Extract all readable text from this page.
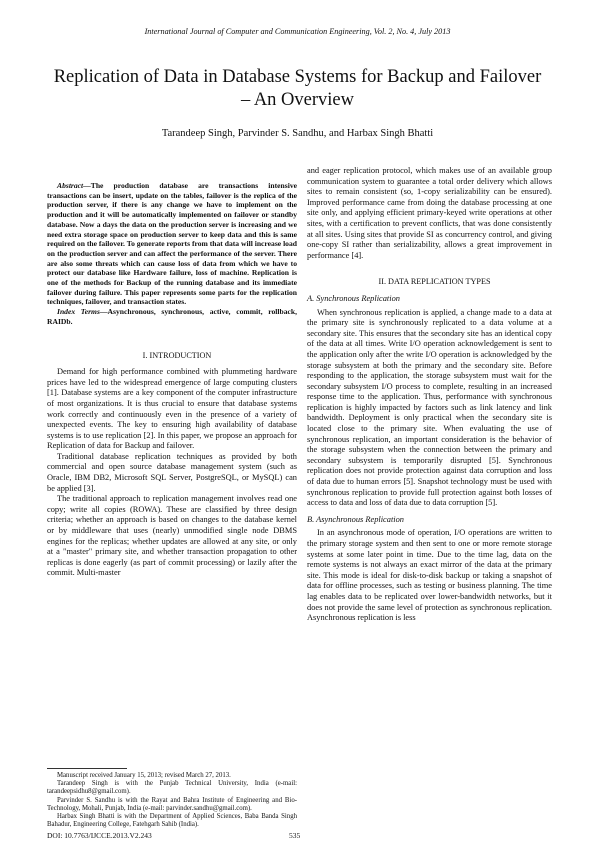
International Journal of Computer and Communication Engineering, Vol. 2, No. 4, July 2013
Replication of Data in Database Systems for Backup and Failover – An Overview
Tarandeep Singh, Parvinder S. Sandhu, and Harbax Singh Bhatti

Abstract—The production database are transactions intensive transactions can be insert, update on the tables, failover is the replica of the production server, if there is any change we have to implement on the production and it will be automatically implemented on failover or standby database. Now a days the data on the production server is increasing and we need extra storage space on production server to keep data and this is same required on the failover. To generate reports from that data will increase load on the production server and can affect the performance of the server. There are also some threats which can cause loss of data from which we have to protect our database like Hardware failure, loss of machine. Replication is one of the methods for Backup of the running database and its immediate failover during failure. This paper represents some parts for the replication techniques, failover, and transaction states.

Index Terms—Asynchronous, synchronous, active, commit, rollback, RAIDb.

I. INTRODUCTION

Demand for high performance combined with plummeting hardware prices have led to the widespread emergence of large computing clusters [1]. Database systems are a key component of the computer infrastructure of most organizations. It is thus crucial to ensure that database systems work correctly and continuously even in the presence of a variety of unexpected events. The key to ensuring high availability of database systems is to use replication [2]. In this paper, we propose an approach for Replication of data for Backup and failover.

Traditional database replication techniques as provided by both commercial and open source database management system (such as Oracle, IBM DB2, Microsoft SQL Server, PostgreSQL, or MySQL) can be applied [3].

The traditional approach to replication management involves read one copy; write all copies (ROWA). These are classified by three design criteria; whether an approach is based on changes to the database kernel or by middleware that uses (nearly) unmodified single node DBMS engines for the replicas; whether updates are allowed at any site, or only at a "master" primary site, and whether transaction propagation to other replicas is done eagerly (as part of commit processing) or lazily after the commit. Multi-master

Manuscript received January 15, 2013; revised March 27, 2013.

Tarandeep Singh is with the Punjab Technical University, India (e-mail: tarandeepsidhu8@gmail.com).

Parvinder S. Sandhu is with the Rayat and Bahra Institute of Engineering and Bio-Technology, Mohali, Punjab, India (e-mail: parvinder.sandhu@gmail.com).

Harbax Singh Bhatti is with the Department of Applied Sciences, Baba Banda Singh Bahadur, Engineering College, Fatehgarh Sahib (India).

and eager replication protocol, which makes use of an available group communication system to guarantee a total order delivery which allows sites to remain consistent (so, 1-copy serializability can be ensured). Improved performance came from doing the database processing at one site only, and applying efficient primary-keyed write operations at other sites, with a certification to prevent conflicts, that was done consistently at all sites. Using sites that provide SI as concurrency control, and giving one-copy SI rather than serializability, allows a great improvement in performance [4].

II. DATA REPLICATION TYPES

A. Synchronous Replication

When synchronous replication is applied, a change made to a data at the primary site is synchronously replicated to a data volume at a secondary site. This ensures that the secondary site has an identical copy of the data at all times. Write I/O operation acknowledgement is sent to the application only after the write I/O operation is acknowledged by the storage subsystem at both the primary and the secondary site. Before responding to the application, the storage subsystem must wait for the secondary subsystem I/O process to complete, resulting in an increased response time to the application. Thus, performance with synchronous replication is highly impacted by factors such as link latency and link bandwidth. Deployment is only practical when the secondary site is located close to the primary site. When evaluating the use of synchronous replication, an important consideration is the behavior of the storage subsystem when the connection between the primary and secondary subsystem is temporarily disrupted [5]. Synchronous replication does not provide protection against data corruption and loss of data due to human errors [5]. Snapshot technology must be used with synchronous replication to provide full protection against both losses of access to data and loss of data due to data corruption [5].

B. Asynchronous Replication

In an asynchronous mode of operation, I/O operations are written to the primary storage system and then sent to one or more remote storage systems at some later point in time. Due to the time lag, data on the remote systems is not always an exact mirror of the data at the primary site. This mode is ideal for disk-to-disk backup or taking a snapshot of data for offline processes, such as testing or business planning. The time lag enables data to be replicated over lower-bandwidth networks, but it does not provide the same level of protection as synchronous replication. Asynchronous replication is less

DOI: 10.7763/IJCCE.2013.V2.243	535
